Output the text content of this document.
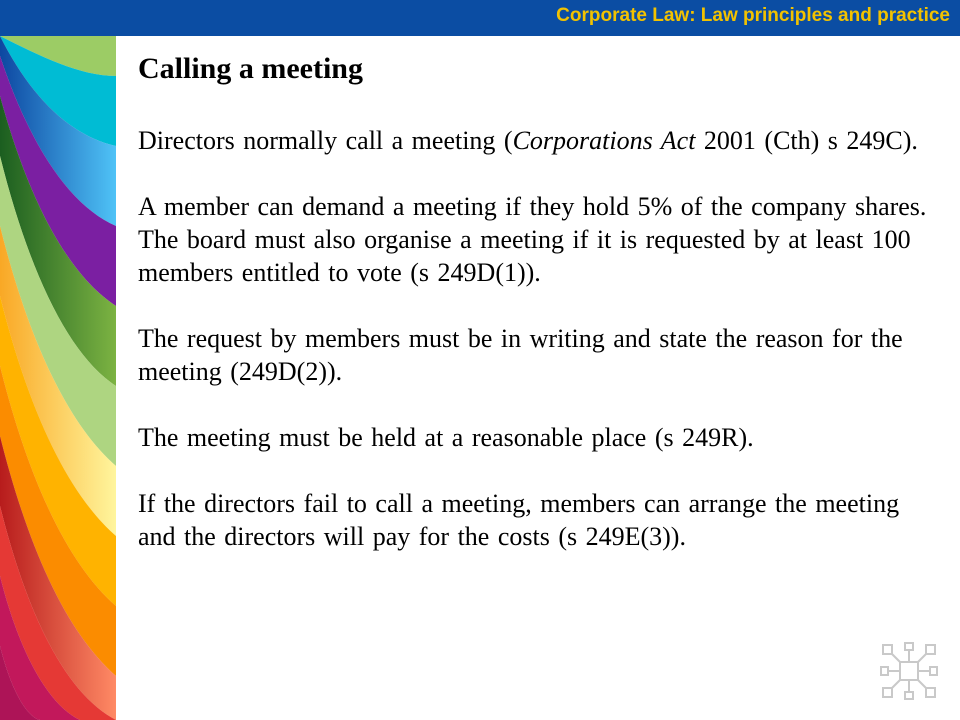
Corporate Law: Law principles and practice
Calling a meeting

Directors normally call a meeting (Corporations Act 2001 (Cth) s 249C).

A member can demand a meeting if they hold 5% of the company shares. The board must also organise a meeting if it is requested by at least 100 members entitled to vote (s 249D(1)).

The request by members must be in writing and state the reason for the meeting (249D(2)).

The meeting must be held at a reasonable place (s 249R).

If the directors fail to call a meeting, members can arrange the meeting and the directors will pay for the costs (s 249E(3)).
